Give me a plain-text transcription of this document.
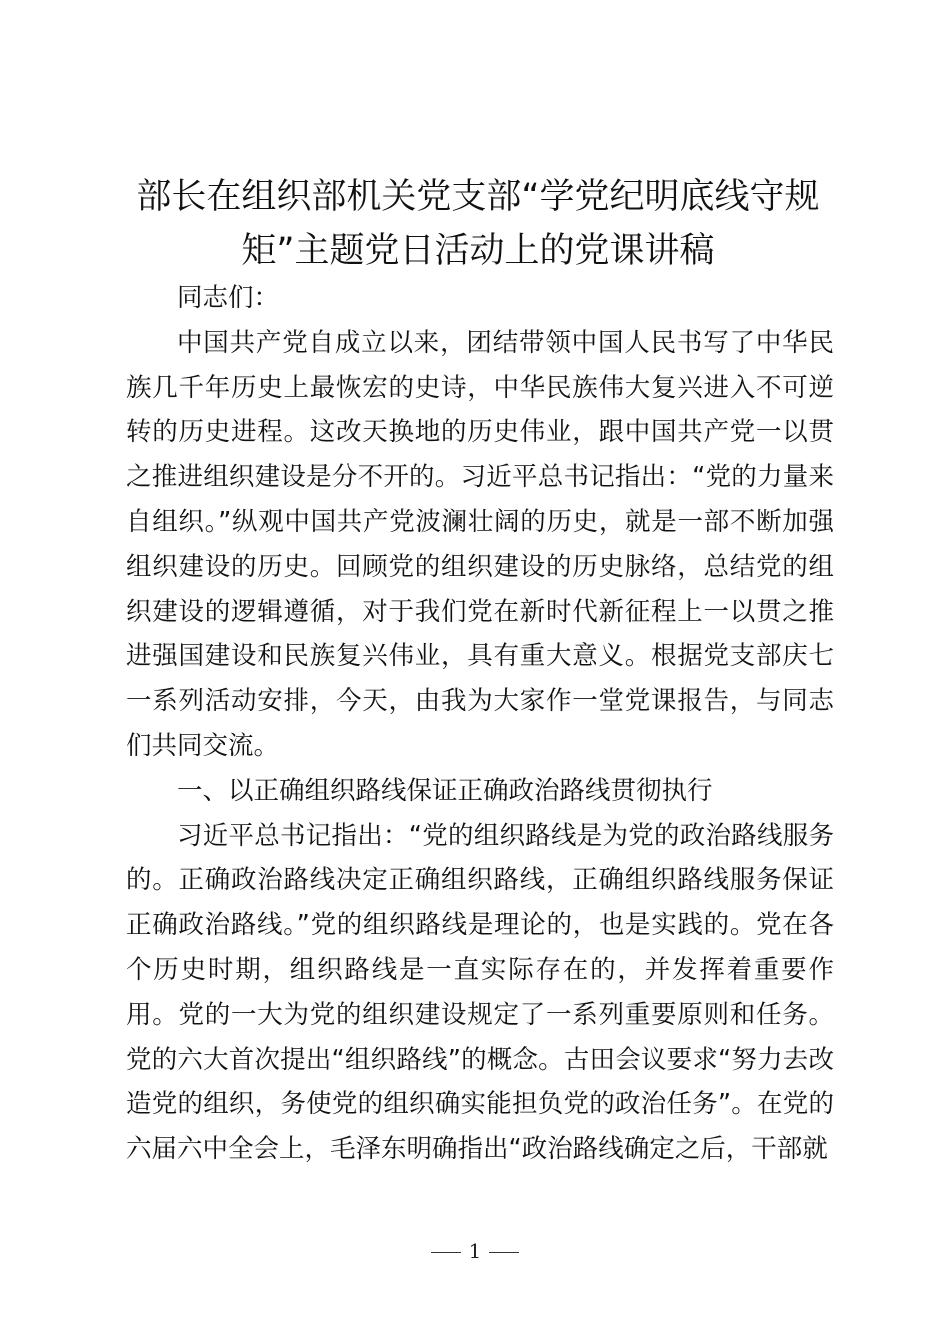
部长在组织部机关党支部“学党纪明底线守规
矩”主题党日活动上的党课讲稿

同志们：

中国共产党自成立以来，团结带领中国人民书写了中华民族几千年历史上最恢宏的史诗，中华民族伟大复兴进入不可逆转的历史进程。这改天换地的历史伟业，跟中国共产党一以贯之推进组织建设是分不开的。习近平总书记指出：“党的力量来自组织。”纵观中国共产党波澜壮阔的历史，就是一部不断加强组织建设的历史。回顾党的组织建设的历史脉络，总结党的组织建设的逻辑遵循，对于我们党在新时代新征程上一以贯之推进强国建设和民族复兴伟业，具有重大意义。根据党支部庆七一系列活动安排，今天，由我为大家作一堂党课报告，与同志们共同交流。

一、以正确组织路线保证正确政治路线贯彻执行

习近平总书记指出：“党的组织路线是为党的政治路线服务的。正确政治路线决定正确组织路线，正确组织路线服务保证正确政治路线。”党的组织路线是理论的，也是实践的。党在各个历史时期，组织路线是一直实际存在的，并发挥着重要作用。党的一大为党的组织建设规定了一系列重要原则和任务。党的六大首次提出“组织路线”的概念。古田会议要求“努力去改造党的组织，务使党的组织确实能担负党的政治任务”。在党的六届六中全会上，毛泽东明确指出“政治路线确定之后，干部就

1
